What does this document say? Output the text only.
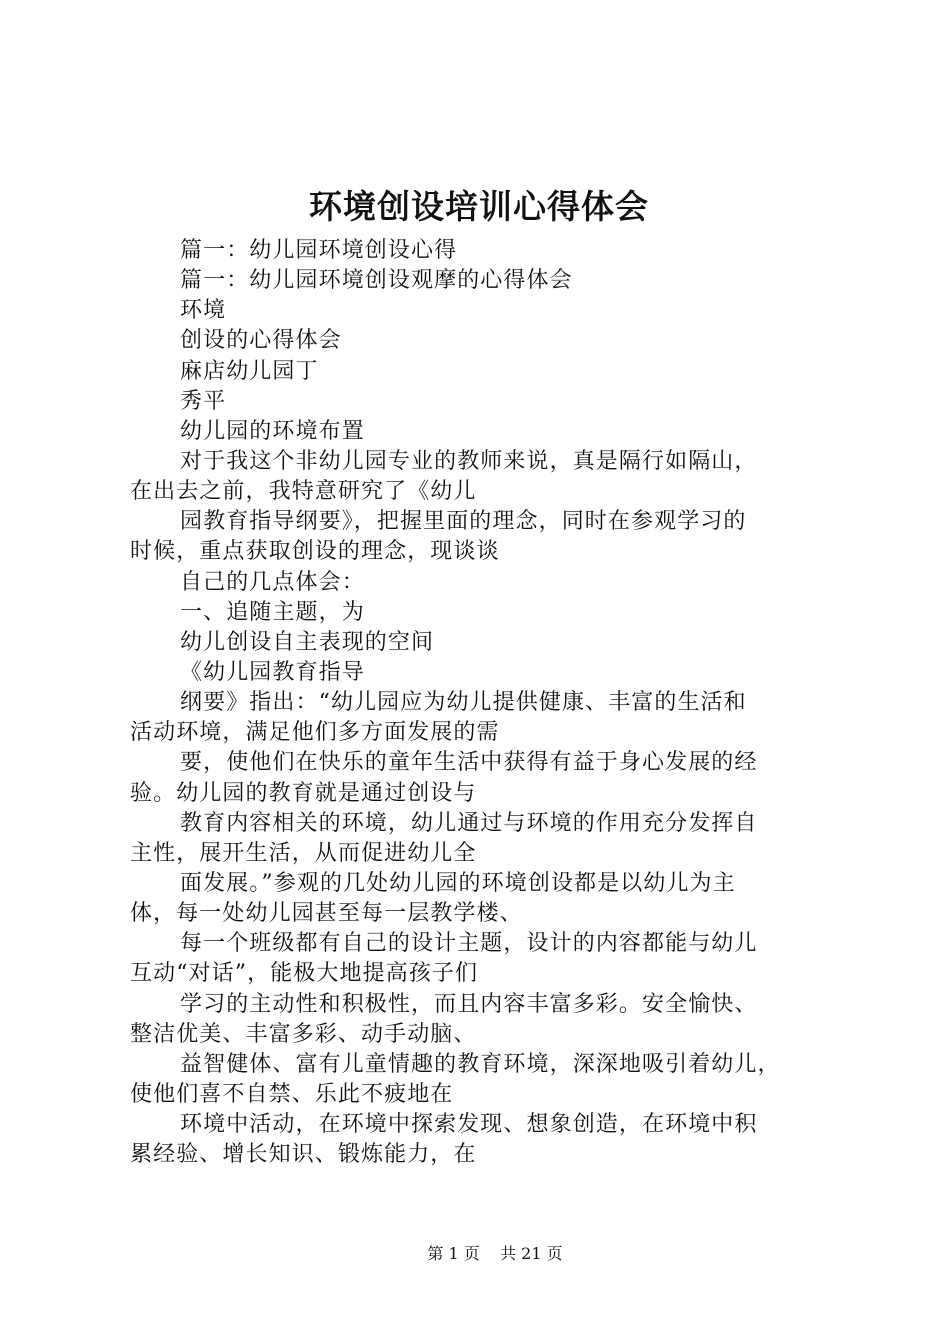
环境创设培训心得体会
篇一：幼儿园环境创设心得
篇一：幼儿园环境创设观摩的心得体会
环境
创设的心得体会
麻店幼儿园丁
秀平
幼儿园的环境布置
对于我这个非幼儿园专业的教师来说，真是隔行如隔山，
在出去之前，我特意研究了《幼儿
园教育指导纲要》，把握里面的理念，同时在参观学习的
时候，重点获取创设的理念，现谈谈
自己的几点体会：
一、追随主题，为
幼儿创设自主表现的空间
《幼儿园教育指导
纲要》指出：“幼儿园应为幼儿提供健康、丰富的生活和
活动环境，满足他们多方面发展的需
要，使他们在快乐的童年生活中获得有益于身心发展的经
验。幼儿园的教育就是通过创设与
教育内容相关的环境，幼儿通过与环境的作用充分发挥自
主性，展开生活，从而促进幼儿全
面发展。”参观的几处幼儿园的环境创设都是以幼儿为主
体，每一处幼儿园甚至每一层教学楼、
每一个班级都有自己的设计主题，设计的内容都能与幼儿
互动“对话”，能极大地提高孩子们
学习的主动性和积极性，而且内容丰富多彩。安全愉快、
整洁优美、丰富多彩、动手动脑、
益智健体、富有儿童情趣的教育环境，深深地吸引着幼儿，
使他们喜不自禁、乐此不疲地在
环境中活动，在环境中探索发现、想象创造，在环境中积
累经验、增长知识、锻炼能力，在
第 1 页 共 21 页
